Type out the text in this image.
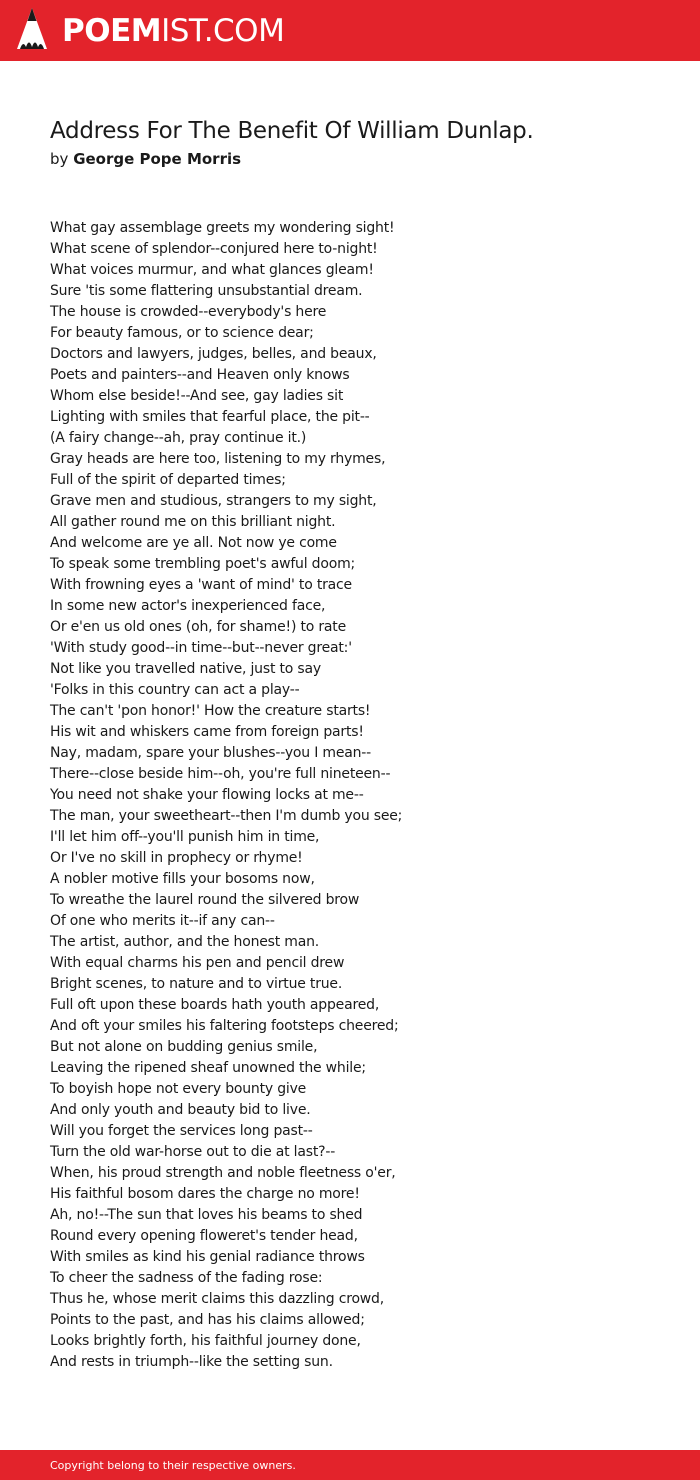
POEMIST.COM
Address For The Benefit Of William Dunlap.

by George Pope Morris

What gay assemblage greets my wondering sight!
What scene of splendor--conjured here to-night!
What voices murmur, and what glances gleam!
Sure 'tis some flattering unsubstantial dream.
The house is crowded--everybody's here
For beauty famous, or to science dear;
Doctors and lawyers, judges, belles, and beaux,
Poets and painters--and Heaven only knows
Whom else beside!--And see, gay ladies sit
Lighting with smiles that fearful place, the pit--
(A fairy change--ah, pray continue it.)
Gray heads are here too, listening to my rhymes,
Full of the spirit of departed times;
Grave men and studious, strangers to my sight,
All gather round me on this brilliant night.
And welcome are ye all. Not now ye come
To speak some trembling poet's awful doom;
With frowning eyes a 'want of mind' to trace
In some new actor's inexperienced face,
Or e'en us old ones (oh, for shame!) to rate
'With study good--in time--but--never great:'
Not like you travelled native, just to say
'Folks in this country can act a play--
The can't 'pon honor!' How the creature starts!
His wit and whiskers came from foreign parts!
Nay, madam, spare your blushes--you I mean--
There--close beside him--oh, you're full nineteen--
You need not shake your flowing locks at me--
The man, your sweetheart--then I'm dumb you see;
I'll let him off--you'll punish him in time,
Or I've no skill in prophecy or rhyme!
A nobler motive fills your bosoms now,
To wreathe the laurel round the silvered brow
Of one who merits it--if any can--
The artist, author, and the honest man.
With equal charms his pen and pencil drew
Bright scenes, to nature and to virtue true.
Full oft upon these boards hath youth appeared,
And oft your smiles his faltering footsteps cheered;
But not alone on budding genius smile,
Leaving the ripened sheaf unowned the while;
To boyish hope not every bounty give
And only youth and beauty bid to live.
Will you forget the services long past--
Turn the old war-horse out to die at last?--
When, his proud strength and noble fleetness o'er,
His faithful bosom dares the charge no more!
Ah, no!--The sun that loves his beams to shed
Round every opening floweret's tender head,
With smiles as kind his genial radiance throws
To cheer the sadness of the fading rose:
Thus he, whose merit claims this dazzling crowd,
Points to the past, and has his claims allowed;
Looks brightly forth, his faithful journey done,
And rests in triumph--like the setting sun.
Copyright belong to their respective owners.
